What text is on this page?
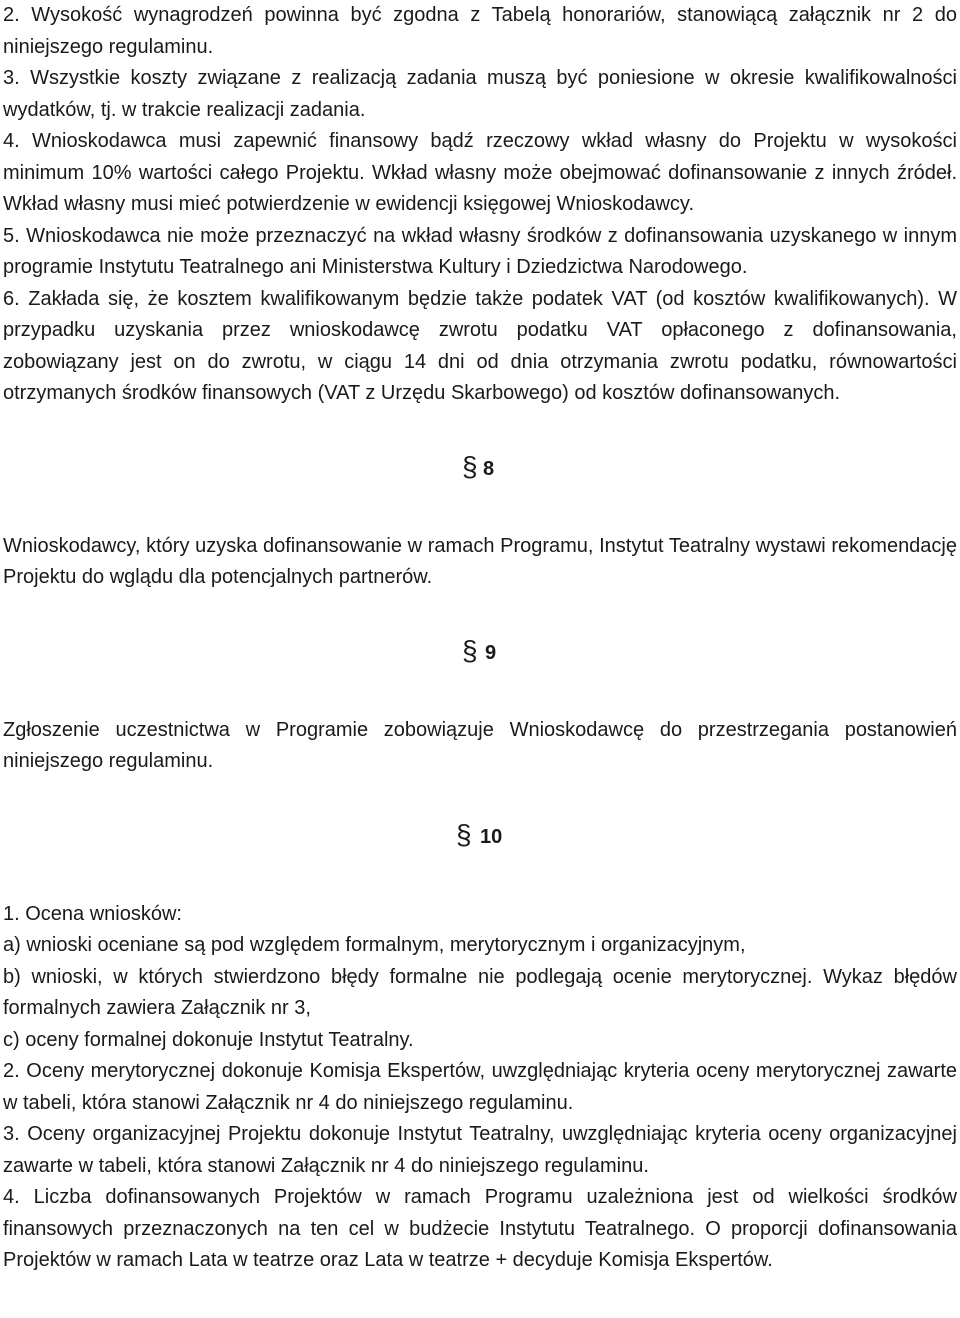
2. Wysokość wynagrodzeń powinna być zgodna z Tabelą honorariów, stanowiącą załącznik nr 2 do niniejszego regulaminu.

3. Wszystkie koszty związane z realizacją zadania muszą być poniesione w okresie kwalifikowalności wydatków, tj. w trakcie realizacji zadania.

4. Wnioskodawca musi zapewnić finansowy bądź rzeczowy wkład własny do Projektu w wysokości minimum 10% wartości całego Projektu. Wkład własny może obejmować dofinansowanie z innych źródeł. Wkład własny musi mieć potwierdzenie w ewidencji księgowej Wnioskodawcy.

5. Wnioskodawca nie może przeznaczyć na wkład własny środków z dofinansowania uzyskanego w innym programie Instytutu Teatralnego ani Ministerstwa Kultury i Dziedzictwa Narodowego.

6. Zakłada się, że kosztem kwalifikowanym będzie także podatek VAT (od kosztów kwalifikowanych). W przypadku uzyskania przez wnioskodawcę zwrotu podatku VAT opłaconego z dofinansowania, zobowiązany jest on do zwrotu, w ciągu 14 dni od dnia otrzymania zwrotu podatku, równowartości otrzymanych środków finansowych (VAT z Urzędu Skarbowego) od kosztów dofinansowanych.

§ 8

Wnioskodawcy, który uzyska dofinansowanie w ramach Programu, Instytut Teatralny wystawi rekomendację Projektu do wglądu dla potencjalnych partnerów.

§ 9

Zgłoszenie uczestnictwa w Programie zobowiązuje Wnioskodawcę do przestrzegania postanowień niniejszego regulaminu.

§ 10

1. Ocena wniosków:

a) wnioski oceniane są pod względem formalnym, merytorycznym i organizacyjnym,

b) wnioski, w których stwierdzono błędy formalne nie podlegają ocenie merytorycznej. Wykaz błędów formalnych zawiera Załącznik nr 3,

c) oceny formalnej dokonuje Instytut Teatralny.

2. Oceny merytorycznej dokonuje Komisja Ekspertów, uwzględniając kryteria oceny merytorycznej zawarte w tabeli, która stanowi Załącznik nr 4 do niniejszego regulaminu.

3. Oceny organizacyjnej Projektu dokonuje Instytut Teatralny, uwzględniając kryteria oceny organizacyjnej zawarte w tabeli, która stanowi Załącznik nr 4 do niniejszego regulaminu.

4. Liczba dofinansowanych Projektów w ramach Programu uzależniona jest od wielkości środków finansowych przeznaczonych na ten cel w budżecie Instytutu Teatralnego. O proporcji dofinansowania Projektów w ramach Lata w teatrze oraz Lata w teatrze + decyduje Komisja Ekspertów.
